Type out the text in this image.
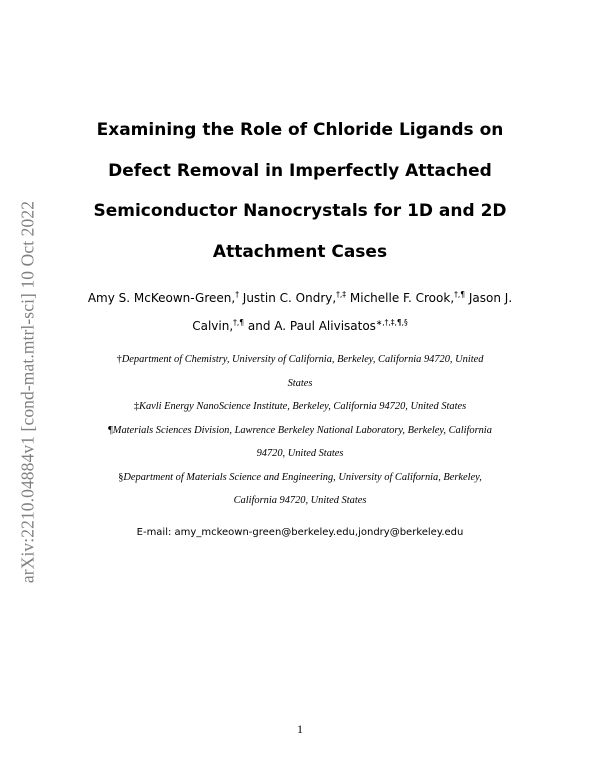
arXiv:2210.04884v1 [cond-mat.mtrl-sci] 10 Oct 2022
Examining the Role of Chloride Ligands on
Defect Removal in Imperfectly Attached
Semiconductor Nanocrystals for 1D and 2D
Attachment Cases
Amy S. McKeown-Green,† Justin C. Ondry,†,‡ Michelle F. Crook,†,¶ Jason J.
Calvin,†,¶ and A. Paul Alivisatos∗,†,‡,¶,§
†Department of Chemistry, University of California, Berkeley, California 94720, United
States
‡Kavli Energy NanoScience Institute, Berkeley, California 94720, United States
¶Materials Sciences Division, Lawrence Berkeley National Laboratory, Berkeley, California
94720, United States
§Department of Materials Science and Engineering, University of California, Berkeley,
California 94720, United States
E-mail: amy_mckeown-green@berkeley.edu,jondry@berkeley.edu
1
